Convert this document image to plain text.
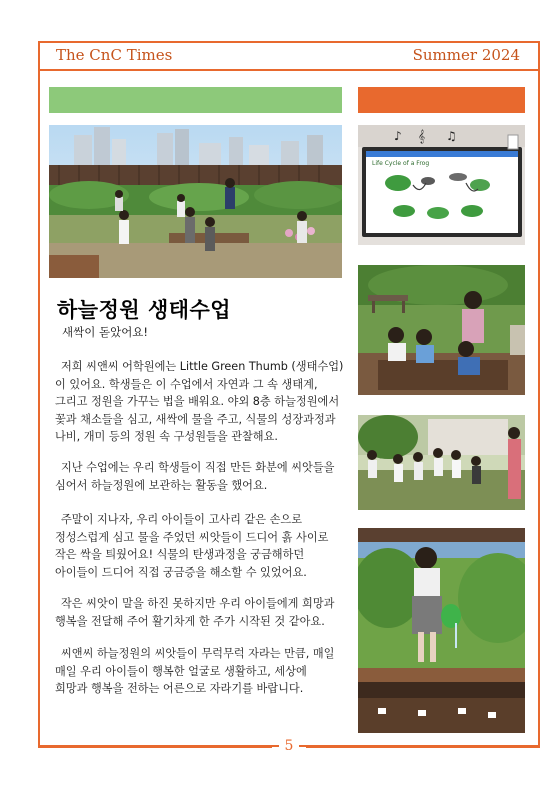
The CnC Times	Summer 2024
♪ 𝄞 ♫
Life Cycle of a Frog
하늘정원 생태수업
새싹이 돋았어요!
저희 씨앤씨 어학원에는 Little Green Thumb (생태수업)
이 있어요. 학생들은 이 수업에서 자연과 그 속 생태계,
그리고 정원을 가꾸는 법을 배워요. 야외 8층 하늘정원에서
꽃과 채소들을 심고, 새싹에 물을 주고, 식물의 성장과정과
나비, 개미 등의 정원 속 구성원들을 관찰해요.
지난 수업에는 우리 학생들이 직접 만든 화분에 씨앗들을
심어서 하늘정원에 보관하는 활동을 했어요.
주말이 지나자, 우리 아이들이 고사리 같은 손으로
정성스럽게 심고 물을 주었던 씨앗들이 드디어 흙 사이로
작은 싹을 틔웠어요! 식물의 탄생과정을 궁금해하던
아이들이 드디어 직접 궁금증을 해소할 수 있었어요.
작은 씨앗이 말을 하진 못하지만 우리 아이들에게 희망과
행복을 전달해 주어 활기차게 한 주가 시작된 것 같아요.
씨앤씨 하늘정원의 씨앗들이 무럭무럭 자라는 만큼, 매일
매일 우리 아이들이 행복한 얼굴로 생활하고, 세상에
희망과 행복을 전하는 어른으로 자라기를 바랍니다.
5
